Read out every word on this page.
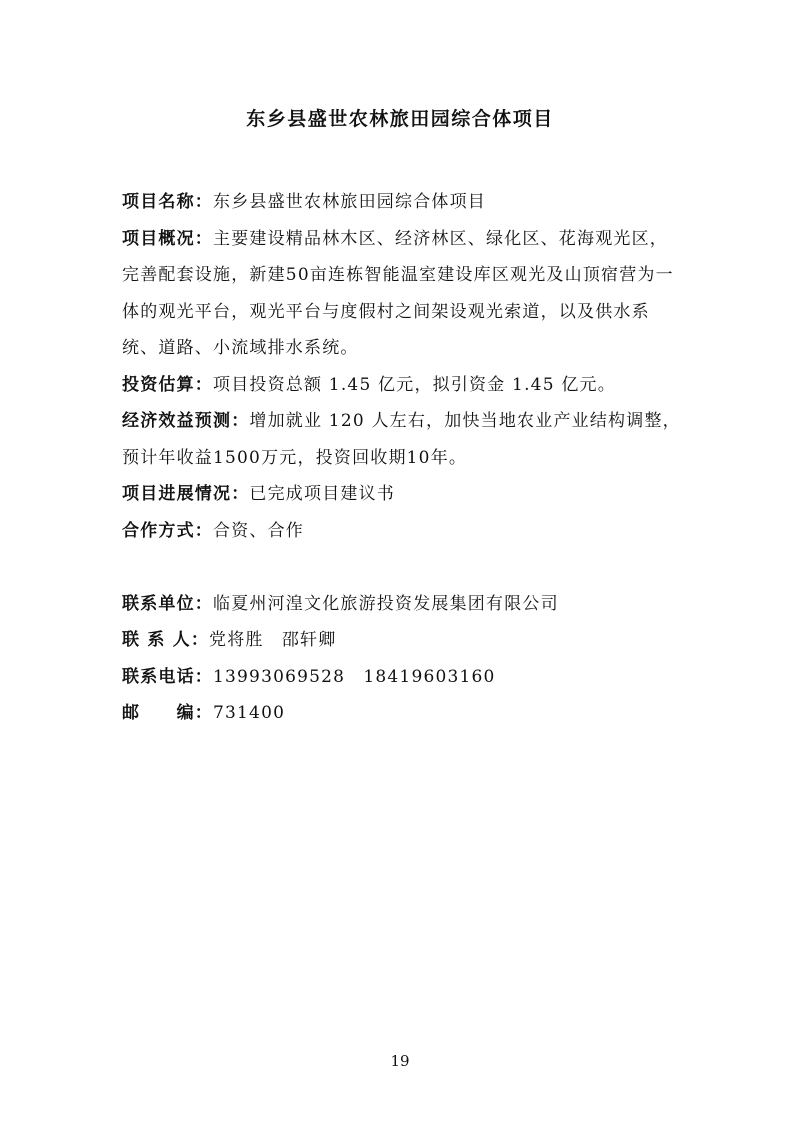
东乡县盛世农林旅田园综合体项目

项目名称：东乡县盛世农林旅田园综合体项目

项目概况：主要建设精品林木区、经济林区、绿化区、花海观光区，完善配套设施，新建50亩连栋智能温室建设库区观光及山顶宿营为一体的观光平台，观光平台与度假村之间架设观光索道，以及供水系统、道路、小流域排水系统。

投资估算：项目投资总额 1.45 亿元，拟引资金 1.45 亿元。

经济效益预测：增加就业 120 人左右，加快当地农业产业结构调整，预计年收益1500万元，投资回收期10年。

项目进展情况：已完成项目建议书

合作方式：合资、合作

联系单位：临夏州河湟文化旅游投资发展集团有限公司

联 系 人：党将胜　邵轩卿

联系电话：13993069528　18419603160

邮　　编：731400

19
